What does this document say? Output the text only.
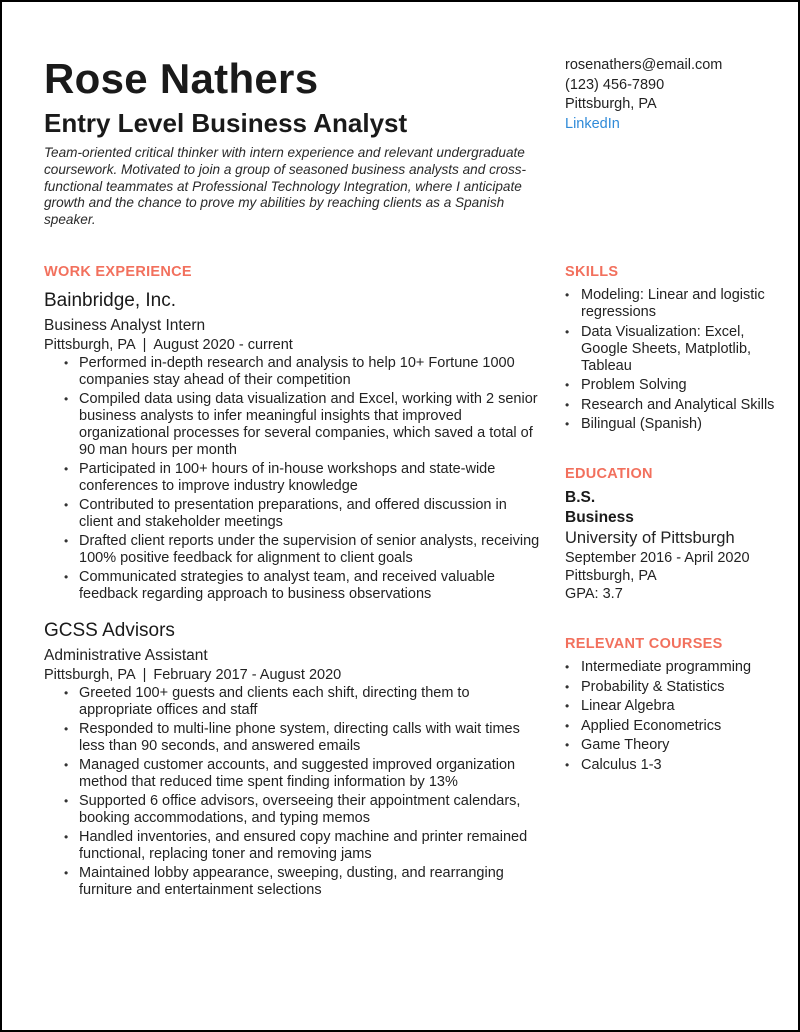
Rose Nathers
Entry Level Business Analyst

Team-oriented critical thinker with intern experience and relevant undergraduate coursework. Motivated to join a group of seasoned business analysts and cross-functional teammates at Professional Technology Integration, where I anticipate growth and the chance to prove my abilities by reaching clients as a Spanish speaker.

rosenathers@email.com
(123) 456-7890
Pittsburgh, PA
LinkedIn
WORK EXPERIENCE

Bainbridge, Inc.

Business Analyst Intern

Pittsburgh, PA | August 2020 - current

• Performed in-depth research and analysis to help 10+ Fortune 1000 companies stay ahead of their competition
• Compiled data using data visualization and Excel, working with 2 senior business analysts to infer meaningful insights that improved organizational processes for several companies, which saved a total of 90 man hours per month
• Participated in 100+ hours of in-house workshops and state-wide conferences to improve industry knowledge
• Contributed to presentation preparations, and offered discussion in client and stakeholder meetings
• Drafted client reports under the supervision of senior analysts, receiving 100% positive feedback for alignment to client goals
• Communicated strategies to analyst team, and received valuable feedback regarding approach to business observations

GCSS Advisors

Administrative Assistant

Pittsburgh, PA | February 2017 - August 2020

• Greeted 100+ guests and clients each shift, directing them to appropriate offices and staff
• Responded to multi-line phone system, directing calls with wait times less than 90 seconds, and answered emails
• Managed customer accounts, and suggested improved organization method that reduced time spent finding information by 13%
• Supported 6 office advisors, overseeing their appointment calendars, booking accommodations, and typing memos
• Handled inventories, and ensured copy machine and printer remained functional, replacing toner and removing jams
• Maintained lobby appearance, sweeping, dusting, and rearranging furniture and entertainment selections
SKILLS
• Modeling: Linear and logistic regressions
• Data Visualization: Excel, Google Sheets, Matplotlib, Tableau
• Problem Solving
• Research and Analytical Skills
• Bilingual (Spanish)
EDUCATION

B.S.

Business

University of Pittsburgh

September 2016 - April 2020

Pittsburgh, PA

GPA: 3.7

RELEVANT COURSES
• Intermediate programming
• Probability & Statistics
• Linear Algebra
• Applied Econometrics
• Game Theory
• Calculus 1-3
